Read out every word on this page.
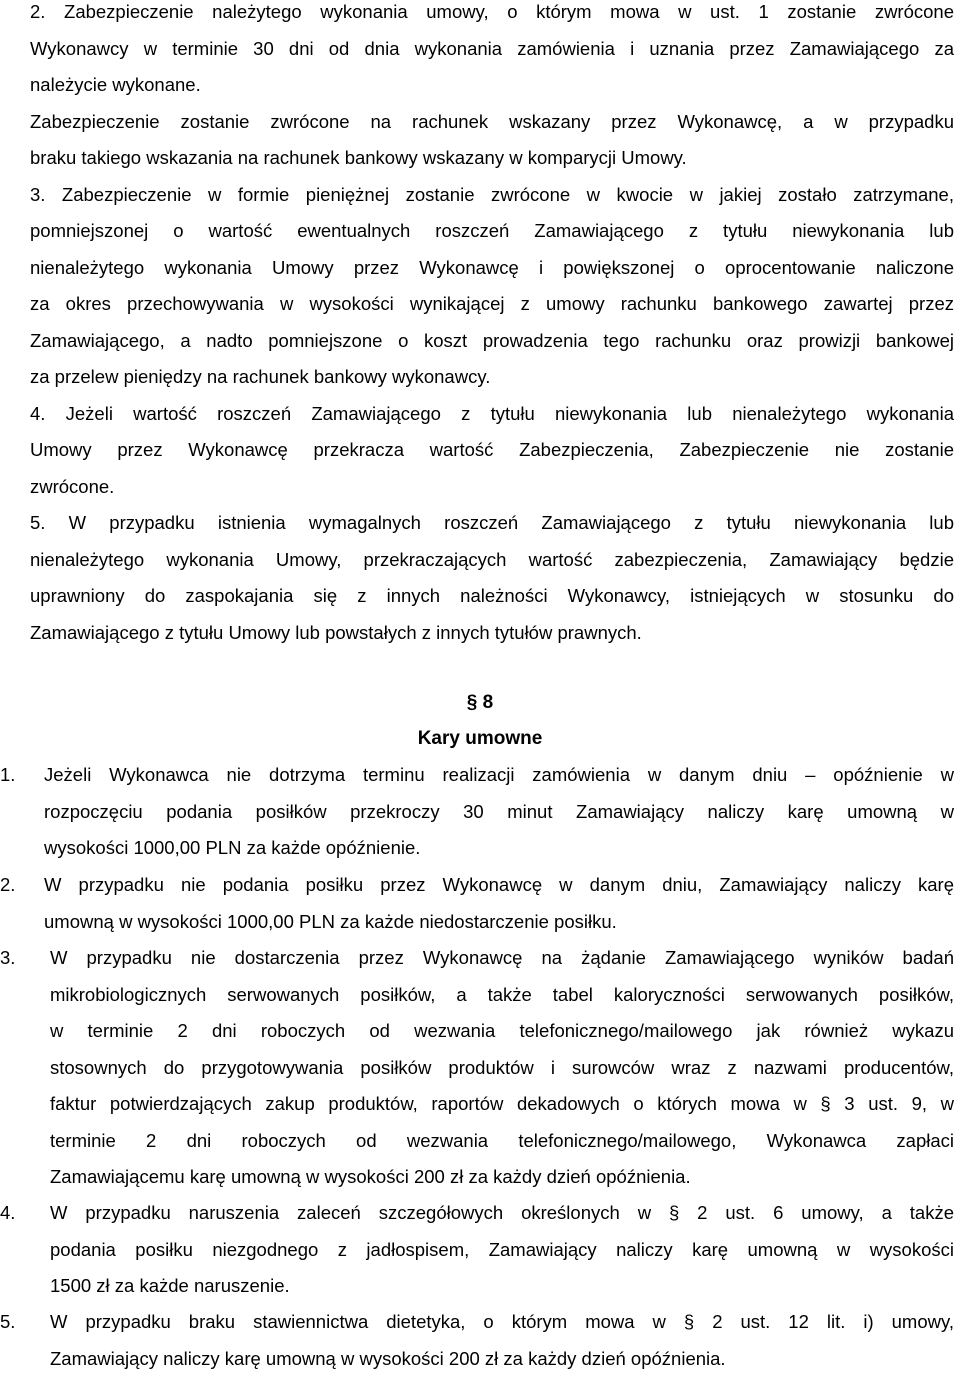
2. Zabezpieczenie należytego wykonania umowy, o którym mowa w ust. 1 zostanie zwrócone
Wykonawcy w terminie 30 dni od dnia wykonania zamówienia i uznania przez Zamawiającego za
należycie wykonane.
Zabezpieczenie zostanie zwrócone na rachunek wskazany przez Wykonawcę, a w przypadku
braku takiego wskazania na rachunek bankowy wskazany w komparycji Umowy.
3. Zabezpieczenie w formie pieniężnej zostanie zwrócone w kwocie w jakiej zostało zatrzymane,
pomniejszonej o wartość ewentualnych roszczeń Zamawiającego z tytułu niewykonania lub
nienależytego wykonania Umowy przez Wykonawcę i powiększonej o oprocentowanie naliczone
za okres przechowywania w wysokości wynikającej z umowy rachunku bankowego zawartej przez
Zamawiającego, a nadto pomniejszone o koszt prowadzenia tego rachunku oraz prowizji bankowej
za przelew pieniędzy na rachunek bankowy wykonawcy.
4. Jeżeli wartość roszczeń Zamawiającego z tytułu niewykonania lub nienależytego wykonania
Umowy przez Wykonawcę przekracza wartość Zabezpieczenia, Zabezpieczenie nie zostanie
zwrócone.
5. W przypadku istnienia wymagalnych roszczeń Zamawiającego z tytułu niewykonania lub
nienależytego wykonania Umowy, przekraczających wartość zabezpieczenia, Zamawiający będzie
uprawniony do zaspokajania się z innych należności Wykonawcy, istniejących w stosunku do
Zamawiającego z tytułu Umowy lub powstałych z innych tytułów prawnych.
§ 8
Kary umowne
1. Jeżeli Wykonawca nie dotrzyma terminu realizacji zamówienia w danym dniu – opóźnienie w
rozpoczęciu podania posiłków przekroczy 30 minut Zamawiający naliczy karę umowną w
wysokości 1000,00 PLN za każde opóźnienie.
2. W przypadku nie podania posiłku przez Wykonawcę w danym dniu, Zamawiający naliczy karę
umowną w wysokości 1000,00 PLN za każde niedostarczenie posiłku.
3. W przypadku nie dostarczenia przez Wykonawcę na żądanie Zamawiającego wyników badań
mikrobiologicznych serwowanych posiłków, a także tabel kaloryczności serwowanych posiłków,
w terminie 2 dni roboczych od wezwania telefonicznego/mailowego jak również wykazu
stosownych do przygotowywania posiłków produktów i surowców wraz z nazwami producentów,
faktur potwierdzających zakup produktów, raportów dekadowych o których mowa w § 3 ust. 9, w
terminie 2 dni roboczych od wezwania telefonicznego/mailowego, Wykonawca zapłaci
Zamawiającemu karę umowną w wysokości 200 zł za każdy dzień opóźnienia.
4. W przypadku naruszenia zaleceń szczegółowych określonych w § 2 ust. 6 umowy, a także
podania posiłku niezgodnego z jadłospisem, Zamawiający naliczy karę umowną w wysokości
1500 zł za każde naruszenie.
5. W przypadku braku stawiennictwa dietetyka, o którym mowa w § 2 ust. 12 lit. i) umowy,
Zamawiający naliczy karę umowną w wysokości 200 zł za każdy dzień opóźnienia.
